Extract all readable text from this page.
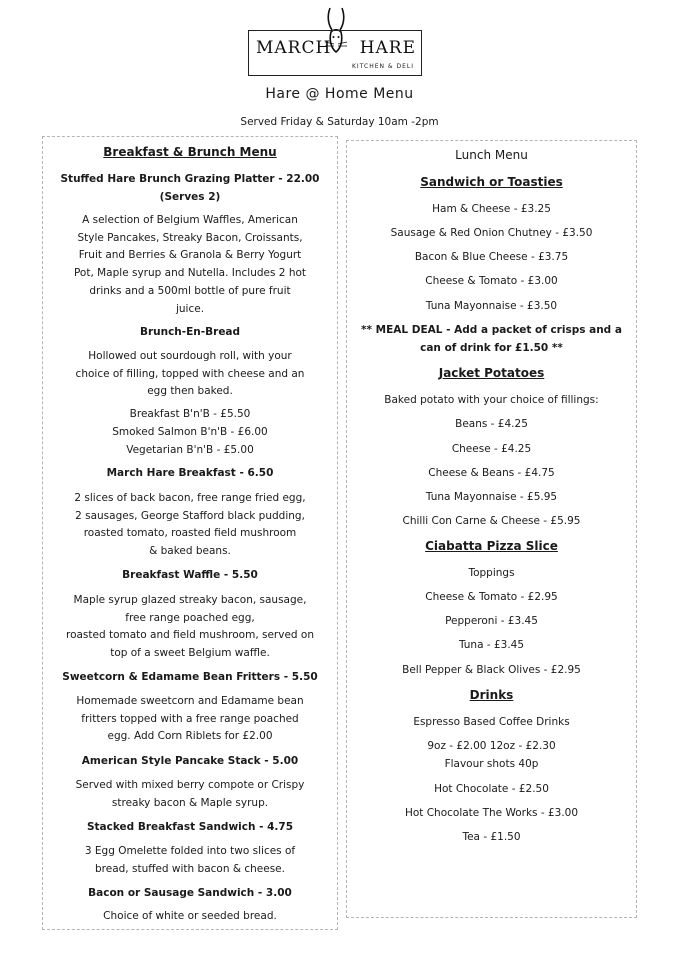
MARCH HARE
KITCHEN & DELI
Hare @ Home Menu
Served Friday & Saturday 10am -2pm
Breakfast & Brunch Menu
Stuffed Hare Brunch Grazing Platter - 22.00
(Serves 2)
A selection of Belgium Waffles, American
Style Pancakes, Streaky Bacon, Croissants,
Fruit and Berries & Granola & Berry Yogurt
Pot, Maple syrup and Nutella. Includes 2 hot
drinks and a 500ml bottle of pure fruit
juice.
Brunch-En-Bread
Hollowed out sourdough roll, with your
choice of filling, topped with cheese and an
egg then baked.
Breakfast B'n'B - £5.50
Smoked Salmon B'n'B - £6.00
Vegetarian B'n'B - £5.00
March Hare Breakfast - 6.50
2 slices of back bacon, free range fried egg,
2 sausages, George Stafford black pudding,
roasted tomato, roasted field mushroom
& baked beans.
Breakfast Waffle - 5.50
Maple syrup glazed streaky bacon, sausage,
free range poached egg,
roasted tomato and field mushroom, served on
top of a sweet Belgium waffle.
Sweetcorn & Edamame Bean Fritters - 5.50
Homemade sweetcorn and Edamame bean
fritters topped with a free range poached
egg. Add Corn Riblets for £2.00
American Style Pancake Stack - 5.00
Served with mixed berry compote or Crispy
streaky bacon & Maple syrup.
Stacked Breakfast Sandwich - 4.75
3 Egg Omelette folded into two slices of
bread, stuffed with bacon & cheese.
Bacon or Sausage Sandwich - 3.00
Choice of white or seeded bread.
Lunch Menu
Sandwich or Toasties
Ham & Cheese - £3.25
Sausage & Red Onion Chutney - £3.50
Bacon & Blue Cheese - £3.75
Cheese & Tomato - £3.00
Tuna Mayonnaise - £3.50
** MEAL DEAL - Add a packet of crisps and a
can of drink for £1.50 **
Jacket Potatoes
Baked potato with your choice of fillings:
Beans - £4.25
Cheese - £4.25
Cheese & Beans - £4.75
Tuna Mayonnaise - £5.95
Chilli Con Carne & Cheese - £5.95
Ciabatta Pizza Slice
Toppings
Cheese & Tomato - £2.95
Pepperoni - £3.45
Tuna - £3.45
Bell Pepper & Black Olives - £2.95
Drinks
Espresso Based Coffee Drinks
9oz - £2.00 12oz - £2.30
Flavour shots 40p
Hot Chocolate - £2.50
Hot Chocolate The Works - £3.00
Tea - £1.50
